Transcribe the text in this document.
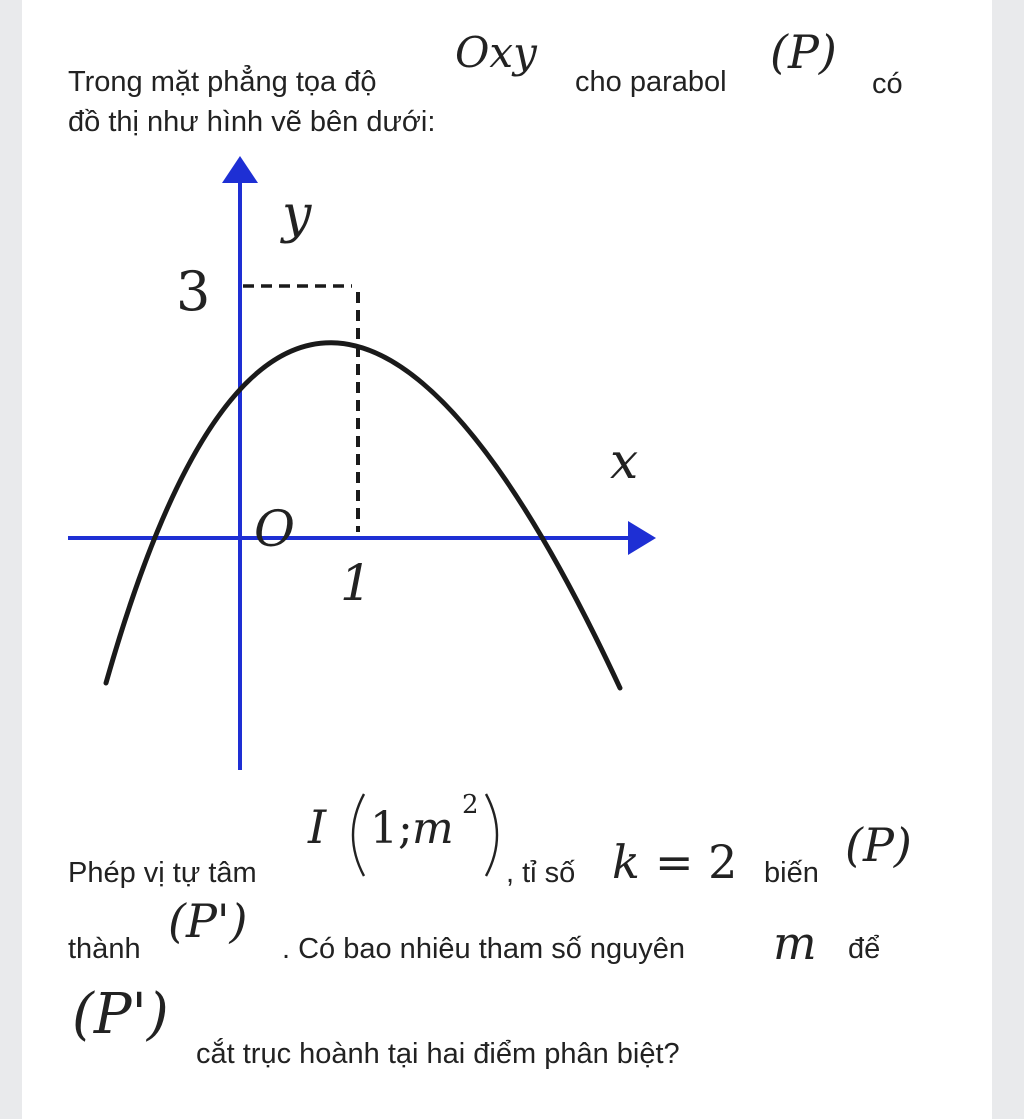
Trong mặt phẳng tọa độ
Oxy
cho parabol
(P)
có
đồ thị như hình vẽ bên dưới:
y
x
O
3
1
Phép vị tự tâm
I 1; m 2
, tỉ số k = 2 biến
(P)
thành
(P')
. Có bao nhiêu tham số nguyên m để
(P')
cắt trục hoành tại hai điểm phân biệt?
